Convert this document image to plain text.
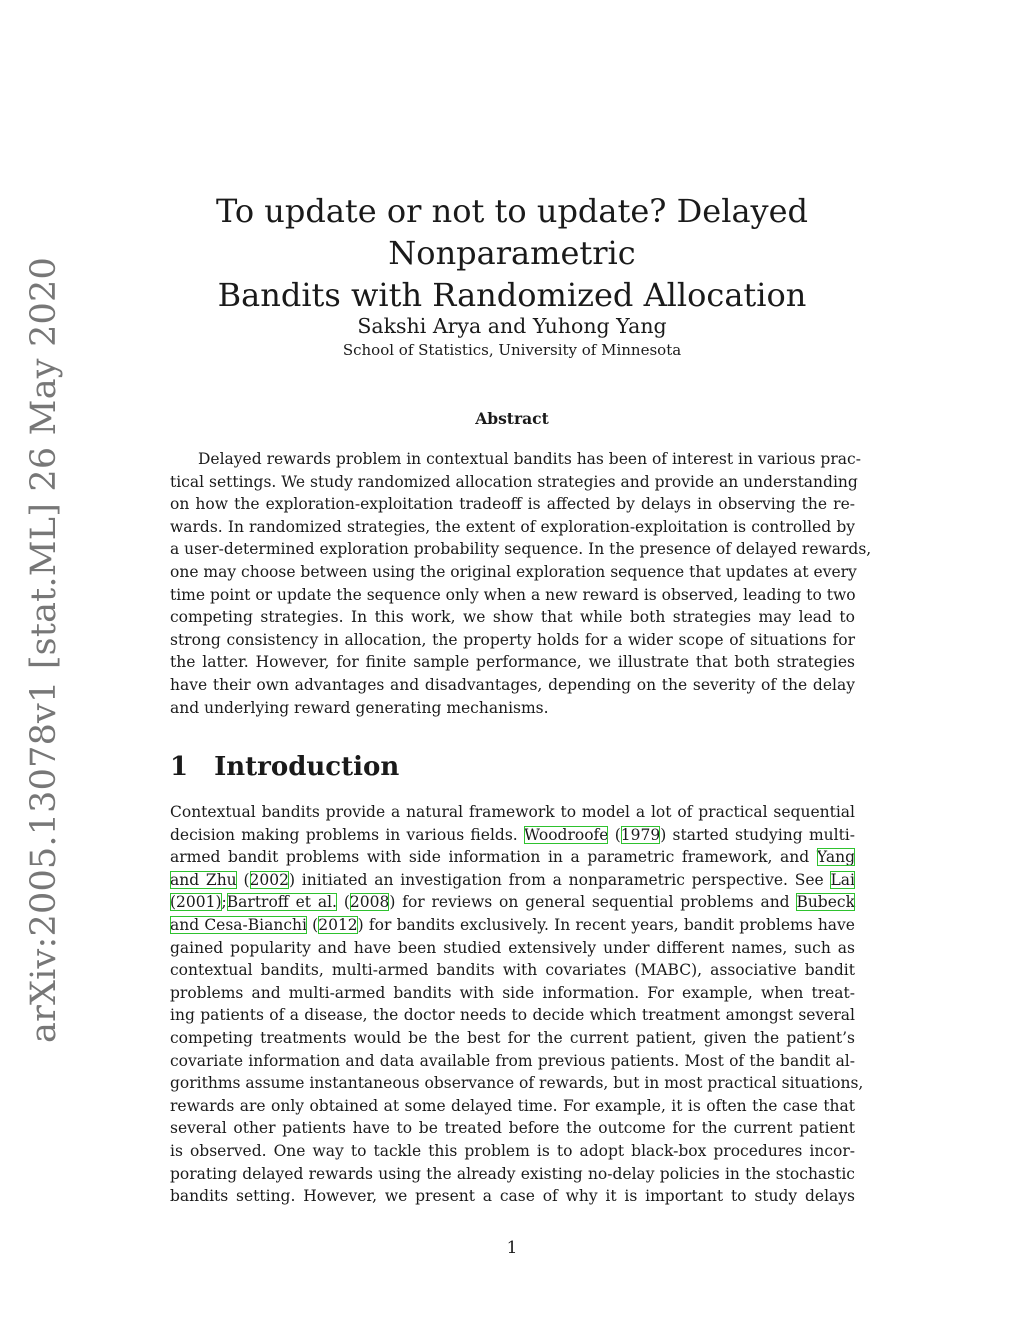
arXiv:2005.13078v1 [stat.ML] 26 May 2020
To update or not to update? Delayed Nonparametric
Bandits with Randomized Allocation
Sakshi Arya and Yuhong Yang
School of Statistics, University of Minnesota
Abstract
Delayed rewards problem in contextual bandits has been of interest in various prac-
tical settings. We study randomized allocation strategies and provide an understanding
on how the exploration-exploitation tradeoff is affected by delays in observing the re-
wards. In randomized strategies, the extent of exploration-exploitation is controlled by
a user-determined exploration probability sequence. In the presence of delayed rewards,
one may choose between using the original exploration sequence that updates at every
time point or update the sequence only when a new reward is observed, leading to two
competing strategies. In this work, we show that while both strategies may lead to
strong consistency in allocation, the property holds for a wider scope of situations for
the latter. However, for finite sample performance, we illustrate that both strategies
have their own advantages and disadvantages, depending on the severity of the delay
and underlying reward generating mechanisms.
1 Introduction
Contextual bandits provide a natural framework to model a lot of practical sequential
decision making problems in various fields. Woodroofe (1979) started studying multi-
armed bandit problems with side information in a parametric framework, and Yang
and Zhu (2002) initiated an investigation from a nonparametric perspective. See Lai
(2001);Bartroff et al. (2008) for reviews on general sequential problems and Bubeck
and Cesa-Bianchi (2012) for bandits exclusively. In recent years, bandit problems have
gained popularity and have been studied extensively under different names, such as
contextual bandits, multi-armed bandits with covariates (MABC), associative bandit
problems and multi-armed bandits with side information. For example, when treat-
ing patients of a disease, the doctor needs to decide which treatment amongst several
competing treatments would be the best for the current patient, given the patient’s
covariate information and data available from previous patients. Most of the bandit al-
gorithms assume instantaneous observance of rewards, but in most practical situations,
rewards are only obtained at some delayed time. For example, it is often the case that
several other patients have to be treated before the outcome for the current patient
is observed. One way to tackle this problem is to adopt black-box procedures incor-
porating delayed rewards using the already existing no-delay policies in the stochastic
bandits setting. However, we present a case of why it is important to study delays
1
